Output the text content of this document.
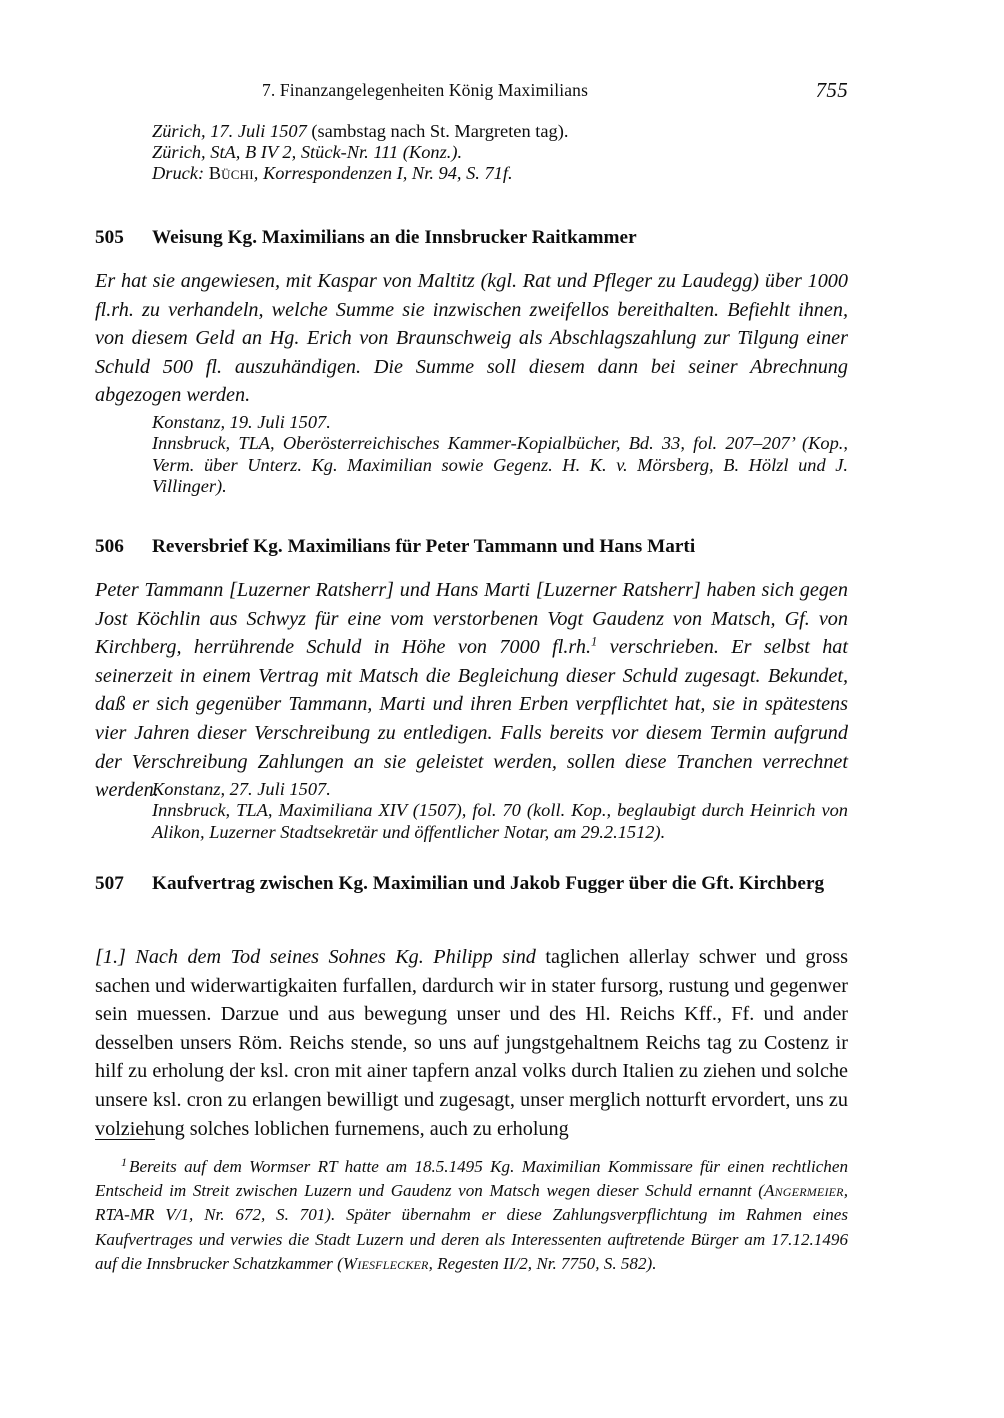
7. Finanzangelegenheiten König Maximilians	755
Zürich, 17. Juli 1507 (sambstag nach St. Margreten tag).
Zürich, StA, B IV 2, Stück-Nr. 111 (Konz.).
Druck: Büchi, Korrespondenzen I, Nr. 94, S. 71f.
505	Weisung Kg. Maximilians an die Innsbrucker Raitkammer
Er hat sie angewiesen, mit Kaspar von Maltitz (kgl. Rat und Pfleger zu Laudegg) über 1000 fl.rh. zu verhandeln, welche Summe sie inzwischen zweifellos bereithalten. Befiehlt ihnen, von diesem Geld an Hg. Erich von Braunschweig als Abschlagszahlung zur Tilgung einer Schuld 500 fl. auszuhändigen. Die Summe soll diesem dann bei seiner Abrechnung abgezogen werden.
Konstanz, 19. Juli 1507.
Innsbruck, TLA, Oberösterreichisches Kammer-Kopialbücher, Bd. 33, fol. 207–207’ (Kop., Verm. über Unterz. Kg. Maximilian sowie Gegenz. H. K. v. Mörsberg, B. Hölzl und J. Villinger).
506	Reversbrief Kg. Maximilians für Peter Tammann und Hans Marti
Peter Tammann [Luzerner Ratsherr] und Hans Marti [Luzerner Ratsherr] haben sich gegen Jost Köchlin aus Schwyz für eine vom verstorbenen Vogt Gaudenz von Matsch, Gf. von Kirchberg, herrührende Schuld in Höhe von 7000 fl.rh.$^1$ verschrieben. Er selbst hat seinerzeit in einem Vertrag mit Matsch die Begleichung dieser Schuld zugesagt. Bekundet, daß er sich gegenüber Tammann, Marti und ihren Erben verpflichtet hat, sie in spätestens vier Jahren dieser Verschreibung zu entledigen. Falls bereits vor diesem Termin aufgrund der Verschreibung Zahlungen an sie geleistet werden, sollen diese Tranchen verrechnet werden.
Konstanz, 27. Juli 1507.
Innsbruck, TLA, Maximiliana XIV (1507), fol. 70 (koll. Kop., beglaubigt durch Heinrich von Alikon, Luzerner Stadtsekretär und öffentlicher Notar, am 29.2.1512).
507	Kaufvertrag zwischen Kg. Maximilian und Jakob Fugger über die Gft. Kirchberg
[1.] Nach dem Tod seines Sohnes Kg. Philipp sind taglichen allerlay schwer und gross sachen und widerwartigkaiten furfallen, dardurch wir in stater fursorg, rustung und gegenwer sein muessen. Darzue und aus bewegung unser und des Hl. Reichs Kff., Ff. und ander desselben unsers Röm. Reichs stende, so uns auf jungstgehaltnem Reichs tag zu Costenz ir hilf zu erholung der ksl. cron mit ainer tapfern anzal volks durch Italien zu ziehen und solche unsere ksl. cron zu erlangen bewilligt und zugesagt, unser merglich notturft ervordert, uns zu volziehung solches loblichen furnemens, auch zu erholung
$^1$ Bereits auf dem Wormser RT hatte am 18.5.1495 Kg. Maximilian Kommissare für einen rechtlichen Entscheid im Streit zwischen Luzern und Gaudenz von Matsch wegen dieser Schuld ernannt (Angermeier, RTA-MR V/1, Nr. 672, S. 701). Später übernahm er diese Zahlungsverpflichtung im Rahmen eines Kaufvertrages und verwies die Stadt Luzern und deren als Interessenten auftretende Bürger am 17.12.1496 auf die Innsbrucker Schatzkammer (Wiesflecker, Regesten II/2, Nr. 7750, S. 582).
